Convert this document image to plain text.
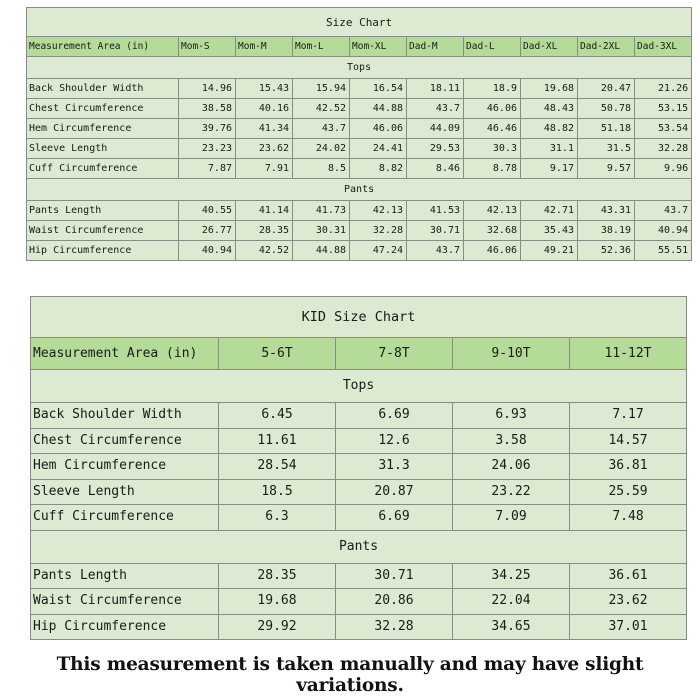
Size Chart									
Measurement Area (in)	Mom-S	Mom-M	Mom-L	Mom-XL	Dad-M	Dad-L	Dad-XL	Dad-2XL	Dad-3XL
Tops									
Back Shoulder Width	14.96	15.43	15.94	16.54	18.11	18.9	19.68	20.47	21.26
Chest Circumference	38.58	40.16	42.52	44.88	43.7	46.06	48.43	50.78	53.15
Hem Circumference	39.76	41.34	43.7	46.06	44.09	46.46	48.82	51.18	53.54
Sleeve Length	23.23	23.62	24.02	24.41	29.53	30.3	31.1	31.5	32.28
Cuff Circumference	7.87	7.91	8.5	8.82	8.46	8.78	9.17	9.57	9.96
Pants									
Pants Length	40.55	41.14	41.73	42.13	41.53	42.13	42.71	43.31	43.7
Waist Circumference	26.77	28.35	30.31	32.28	30.71	32.68	35.43	38.19	40.94
Hip Circumference	40.94	42.52	44.88	47.24	43.7	46.06	49.21	52.36	55.51
KID Size Chart				
Measurement Area (in)	5-6T	7-8T	9-10T	11-12T
Tops				
Back Shoulder Width	6.45	6.69	6.93	7.17
Chest Circumference	11.61	12.6	3.58	14.57
Hem Circumference	28.54	31.3	24.06	36.81
Sleeve Length	18.5	20.87	23.22	25.59
Cuff Circumference	6.3	6.69	7.09	7.48
Pants				
Pants Length	28.35	30.71	34.25	36.61
Waist Circumference	19.68	20.86	22.04	23.62
Hip Circumference	29.92	32.28	34.65	37.01
This measurement is taken manually and may have slight variations.
